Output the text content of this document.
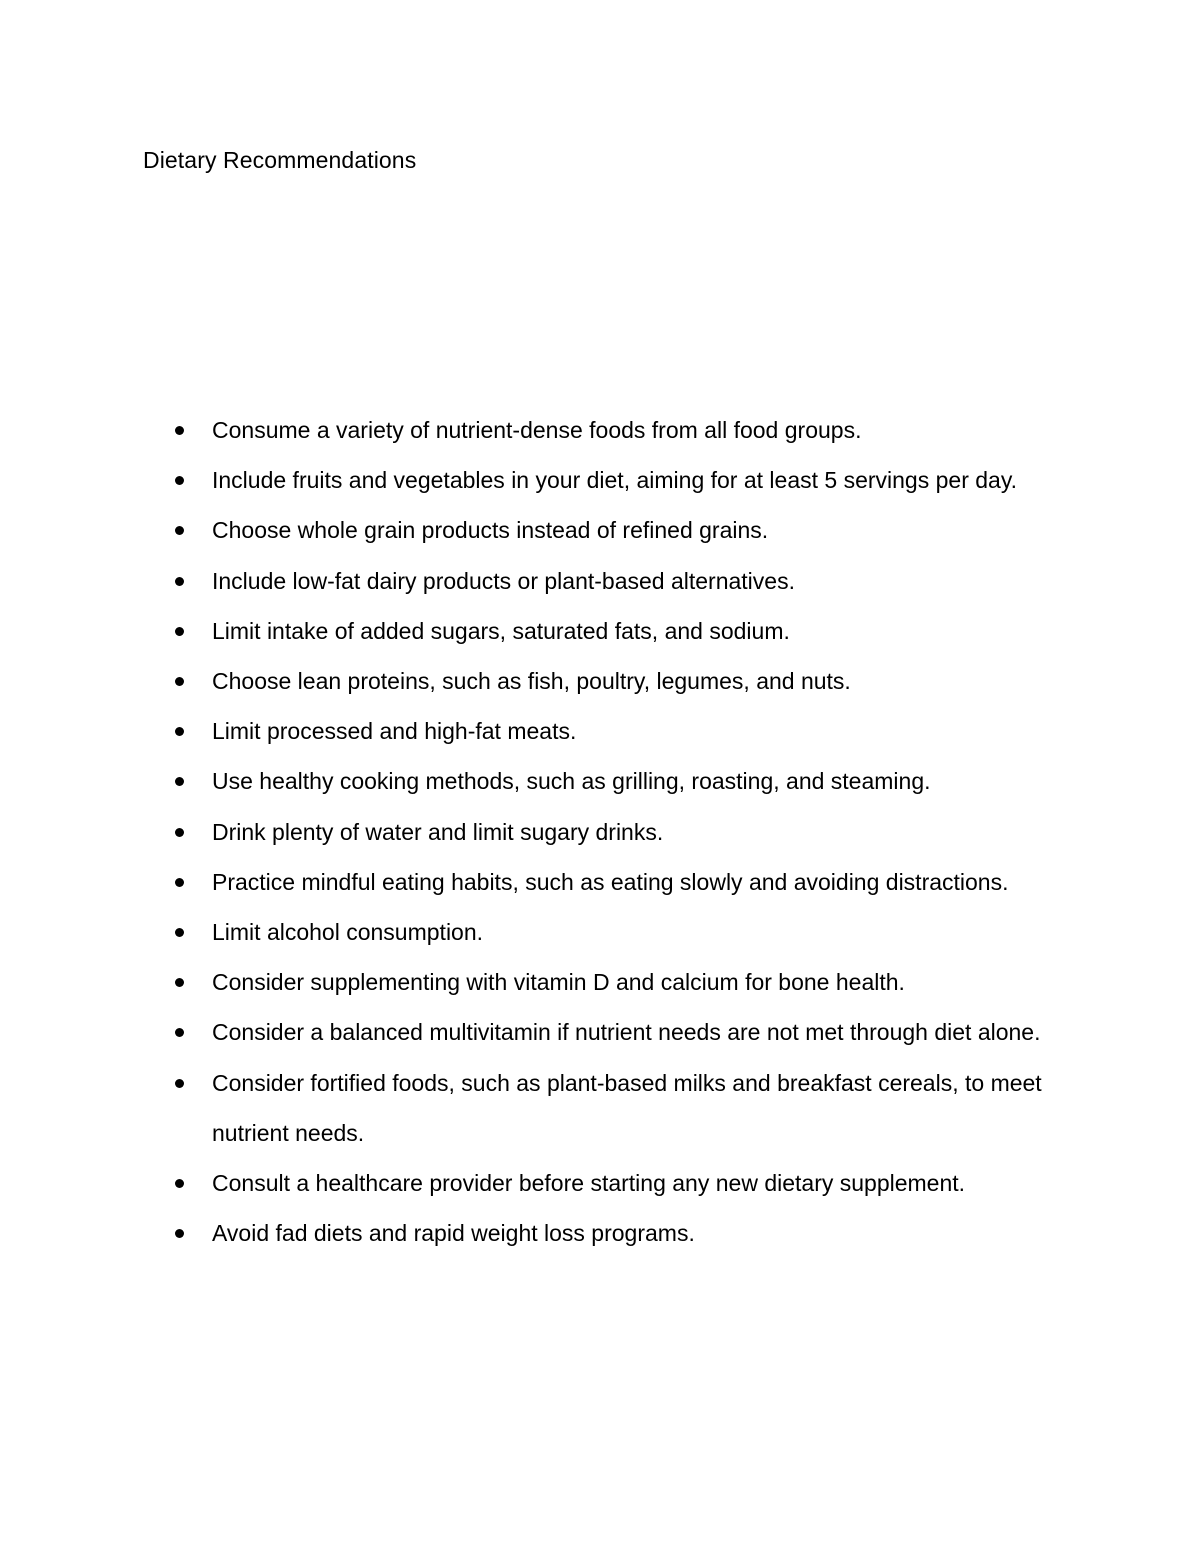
Dietary Recommendations
Consume a variety of nutrient-dense foods from all food groups.
Include fruits and vegetables in your diet, aiming for at least 5 servings per day.
Choose whole grain products instead of refined grains.
Include low-fat dairy products or plant-based alternatives.
Limit intake of added sugars, saturated fats, and sodium.
Choose lean proteins, such as fish, poultry, legumes, and nuts.
Limit processed and high-fat meats.
Use healthy cooking methods, such as grilling, roasting, and steaming.
Drink plenty of water and limit sugary drinks.
Practice mindful eating habits, such as eating slowly and avoiding distractions.
Limit alcohol consumption.
Consider supplementing with vitamin D and calcium for bone health.
Consider a balanced multivitamin if nutrient needs are not met through diet alone.
Consider fortified foods, such as plant-based milks and breakfast cereals, to meet nutrient needs.
Consult a healthcare provider before starting any new dietary supplement.
Avoid fad diets and rapid weight loss programs.
